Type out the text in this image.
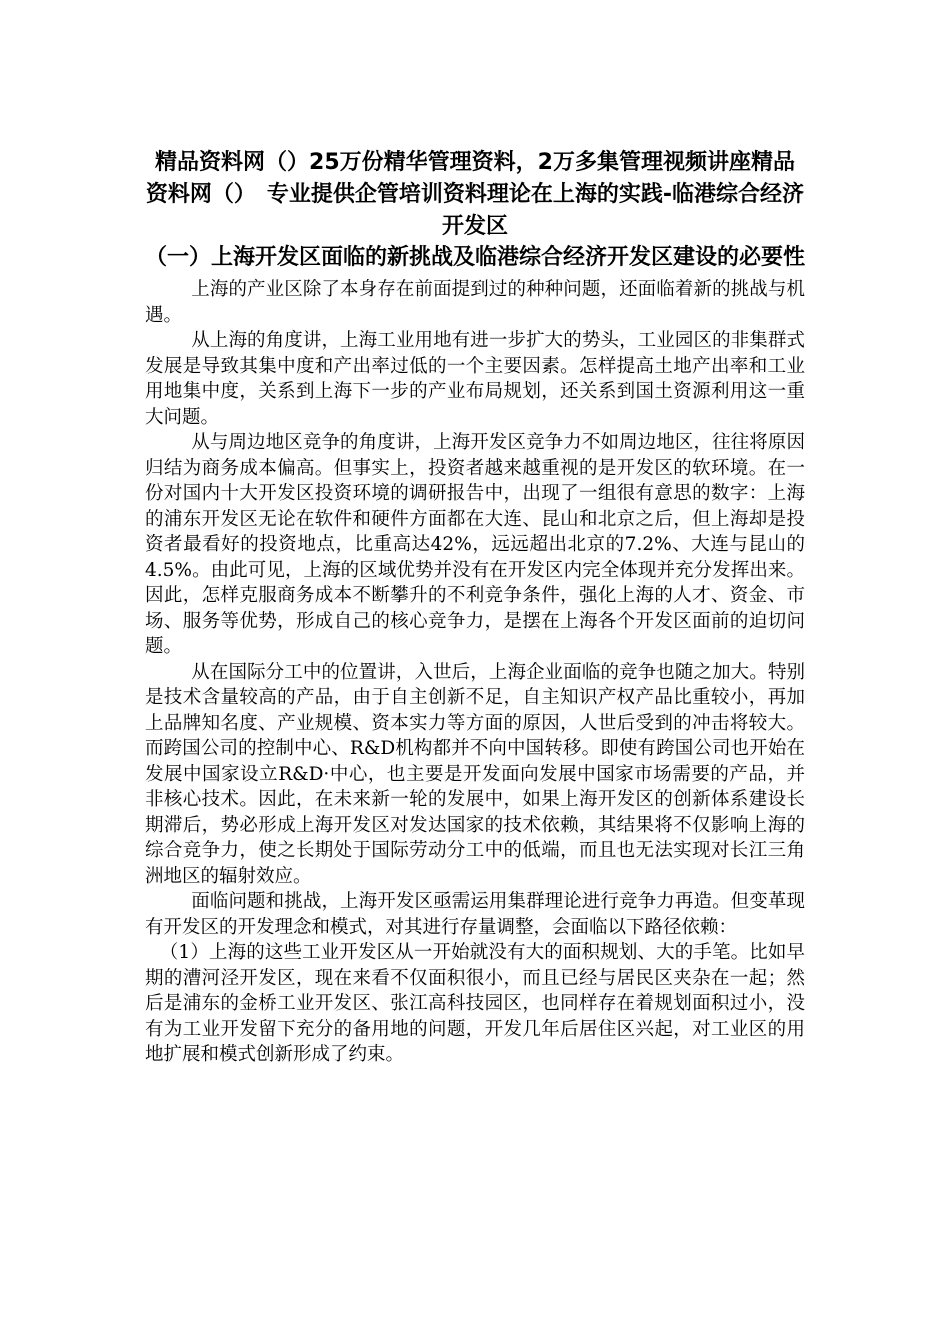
精品资料网（）25万份精华管理资料，2万多集管理视频讲座精品资料网（）　专业提供企管培训资料理论在上海的实践-临港综合经济开发区
（一）上海开发区面临的新挑战及临港综合经济开发区建设的必要性

上海的产业区除了本身存在前面提到过的种种问题，还面临着新的挑战与机遇。

从上海的角度讲，上海工业用地有进一步扩大的势头，工业园区的非集群式发展是导致其集中度和产出率过低的一个主要因素。怎样提高土地产出率和工业用地集中度，关系到上海下一步的产业布局规划，还关系到国土资源利用这一重大问题。

从与周边地区竞争的角度讲，上海开发区竞争力不如周边地区，往往将原因归结为商务成本偏高。但事实上，投资者越来越重视的是开发区的软环境。在一份对国内十大开发区投资环境的调研报告中，出现了一组很有意思的数字：上海的浦东开发区无论在软件和硬件方面都在大连、昆山和北京之后，但上海却是投资者最看好的投资地点，比重高达42%，远远超出北京的7.2%、大连与昆山的4.5%。由此可见，上海的区域优势并没有在开发区内完全体现并充分发挥出来。因此，怎样克服商务成本不断攀升的不利竞争条件，强化上海的人才、资金、市场、服务等优势，形成自己的核心竞争力，是摆在上海各个开发区面前的迫切问题。

从在国际分工中的位置讲，入世后，上海企业面临的竞争也随之加大。特别是技术含量较高的产品，由于自主创新不足，自主知识产权产品比重较小，再加上品牌知名度、产业规模、资本实力等方面的原因，人世后受到的冲击将较大。而跨国公司的控制中心、R&D机构都并不向中国转移。即使有跨国公司也开始在发展中国家设立R&D·中心，也主要是开发面向发展中国家市场需要的产品，并非核心技术。因此，在未来新一轮的发展中，如果上海开发区的创新体系建设长期滞后，势必形成上海开发区对发达国家的技术依赖，其结果将不仅影响上海的综合竞争力，使之长期处于国际劳动分工中的低端，而且也无法实现对长江三角洲地区的辐射效应。

面临问题和挑战，上海开发区亟需运用集群理论进行竞争力再造。但变革现有开发区的开发理念和模式，对其进行存量调整，会面临以下路径依赖：

（1）上海的这些工业开发区从一开始就没有大的面积规划、大的手笔。比如早期的漕河泾开发区，现在来看不仅面积很小，而且已经与居民区夹杂在一起；然后是浦东的金桥工业开发区、张江高科技园区，也同样存在着规划面积过小，没有为工业开发留下充分的备用地的问题，开发几年后居住区兴起，对工业区的用地扩展和模式创新形成了约束。
